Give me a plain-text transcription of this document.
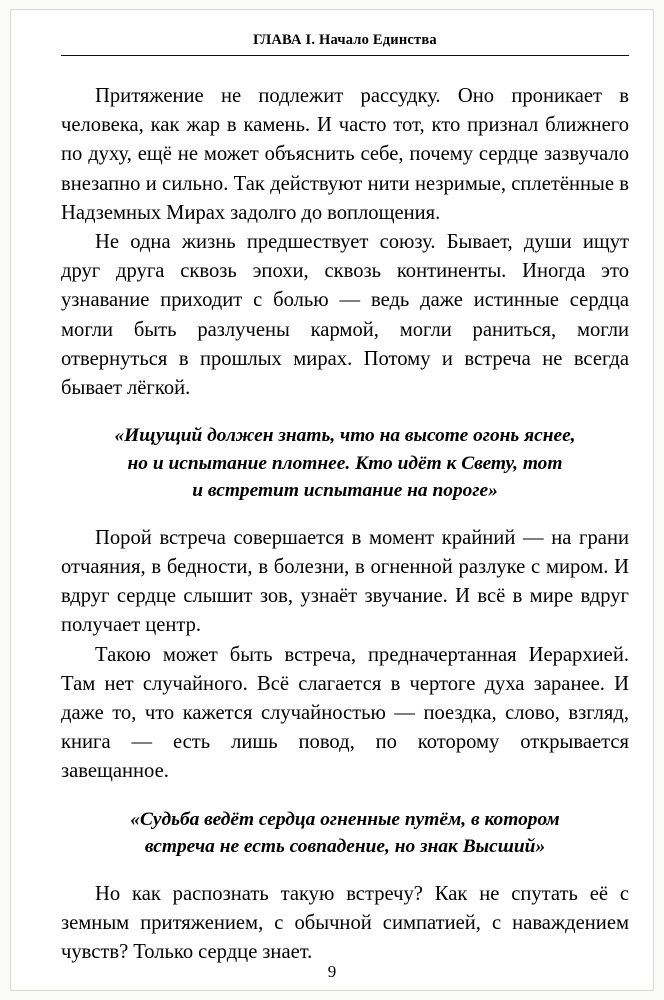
ГЛАВА I. Начало Единства

Притяжение не подлежит рассудку. Оно проникает в человека, как жар в камень. И часто тот, кто признал ближнего по духу, ещё не может объяснить себе, почему сердце зазвучало внезапно и сильно. Так действуют нити незримые, сплетённые в Надземных Мирах задолго до воплощения.

Не одна жизнь предшествует союзу. Бывает, души ищут друг друга сквозь эпохи, сквозь континенты. Иногда это узнавание приходит с болью — ведь даже истинные сердца могли быть разлучены кармой, могли раниться, могли отвернуться в прошлых мирах. Потому и встреча не всегда бывает лёгкой.

«Ищущий должен знать, что на высоте огонь яснее,
но и испытание плотнее. Кто идёт к Свету, тот
и встретит испытание на пороге»

Порой встреча совершается в момент крайний — на грани отчаяния, в бедности, в болезни, в огненной разлуке с миром. И вдруг сердце слышит зов, узнаёт звучание. И всё в мире вдруг получает центр.

Такою может быть встреча, предначертанная Иерархией. Там нет случайного. Всё слагается в чертоге духа заранее. И даже то, что кажется случайностью — поездка, слово, взгляд, книга — есть лишь повод, по которому открывается завещанное.

«Судьба ведёт сердца огненные путём, в котором
встреча не есть совпадение, но знак Высший»

Но как распознать такую встречу? Как не спутать её с земным притяжением, с обычной симпатией, с наваждением чувств? Только сердце знает.

9
